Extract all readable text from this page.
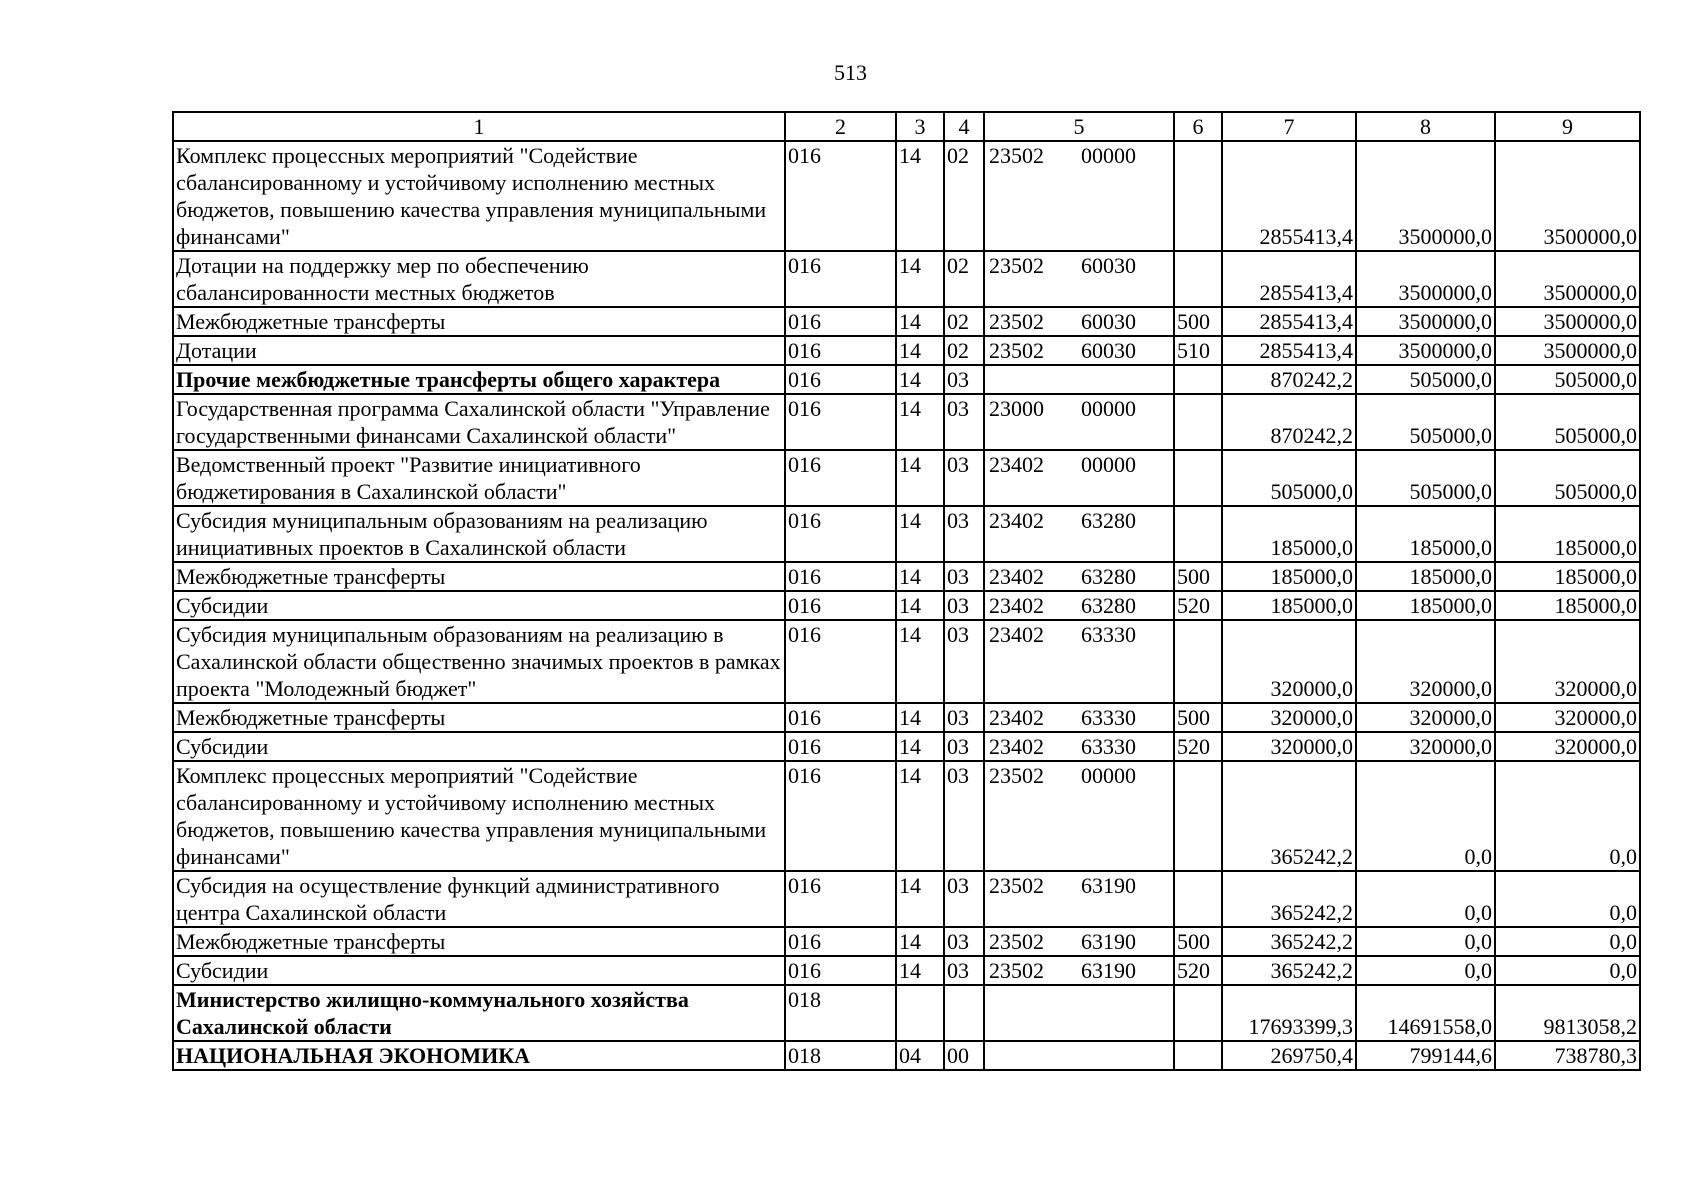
513
1	2	3	4	5	6	7	8	9
Комплекс процессных мероприятий "Содействие сбалансированному и устойчивому исполнению местных бюджетов, повышению качества управления муниципальными финансами"	016	14	02	23502 00000		2855413,4	3500000,0	3500000,0
Дотации на поддержку мер по обеспечению сбалансированности местных бюджетов	016	14	02	23502 60030		2855413,4	3500000,0	3500000,0
Межбюджетные трансферты	016	14	02	23502 60030	500	2855413,4	3500000,0	3500000,0
Дотации	016	14	02	23502 60030	510	2855413,4	3500000,0	3500000,0
Прочие межбюджетные трансферты общего характера	016	14	03			870242,2	505000,0	505000,0
Государственная программа Сахалинской области "Управление государственными финансами Сахалинской области"	016	14	03	23000 00000		870242,2	505000,0	505000,0
Ведомственный проект "Развитие инициативного бюджетирования в Сахалинской области"	016	14	03	23402 00000		505000,0	505000,0	505000,0
Субсидия муниципальным образованиям на реализацию инициативных проектов в Сахалинской области	016	14	03	23402 63280		185000,0	185000,0	185000,0
Межбюджетные трансферты	016	14	03	23402 63280	500	185000,0	185000,0	185000,0
Субсидии	016	14	03	23402 63280	520	185000,0	185000,0	185000,0
Субсидия муниципальным образованиям на реализацию в Сахалинской области общественно значимых проектов в рамках проекта "Молодежный бюджет"	016	14	03	23402 63330		320000,0	320000,0	320000,0
Межбюджетные трансферты	016	14	03	23402 63330	500	320000,0	320000,0	320000,0
Субсидии	016	14	03	23402 63330	520	320000,0	320000,0	320000,0
Комплекс процессных мероприятий "Содействие сбалансированному и устойчивому исполнению местных бюджетов, повышению качества управления муниципальными финансами"	016	14	03	23502 00000		365242,2	0,0	0,0
Субсидия на осуществление функций административного центра Сахалинской области	016	14	03	23502 63190		365242,2	0,0	0,0
Межбюджетные трансферты	016	14	03	23502 63190	500	365242,2	0,0	0,0
Субсидии	016	14	03	23502 63190	520	365242,2	0,0	0,0
Министерство жилищно-коммунального хозяйства Сахалинской области	018					17693399,3	14691558,0	9813058,2
НАЦИОНАЛЬНАЯ ЭКОНОМИКА	018	04	00			269750,4	799144,6	738780,3
